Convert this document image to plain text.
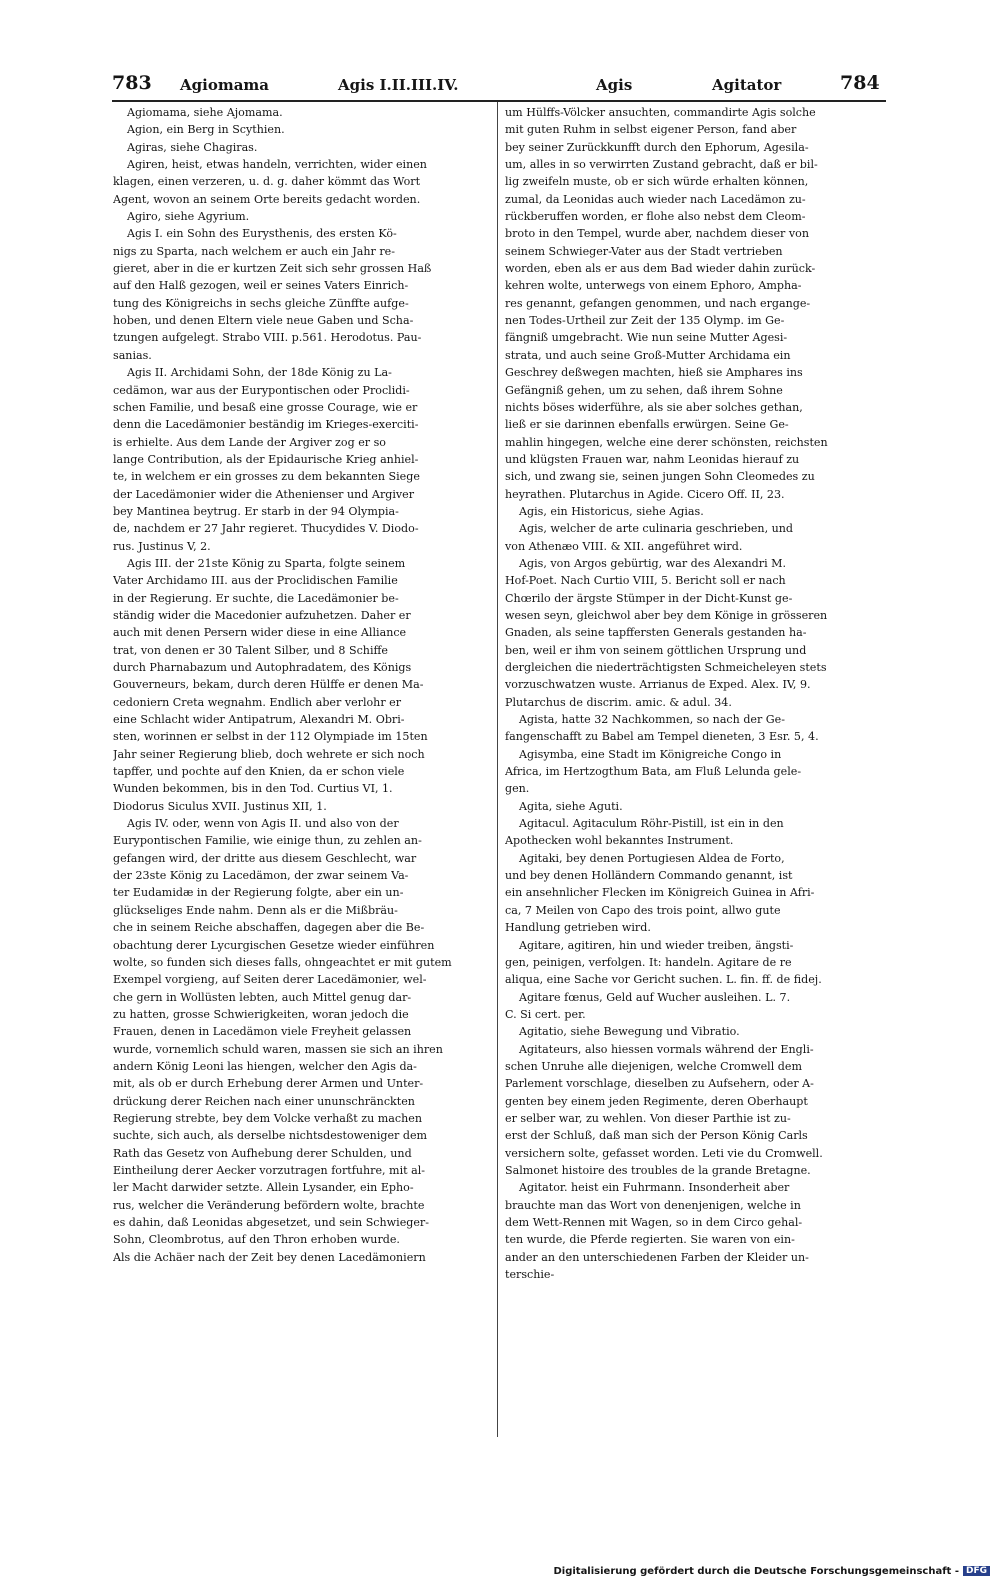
783 Agiomama	Agis I.II.III.IV.	Agis	Agitator	784
Agiomama, siehe Ajomama.
Agion, ein Berg in Scythien.
Agiras, siehe Chagiras.
Agiren, heist, etwas handeln, verrichten, wider einen
klagen, einen verzeren, u. d. g. daher kömmt das Wort
Agent, wovon an seinem Orte bereits gedacht worden.
Agiro, siehe Agyrium.
Agis I. ein Sohn des Eurysthenis, des ersten Kö-
nigs zu Sparta, nach welchem er auch ein Jahr re-
gieret, aber in die er kurtzen Zeit sich sehr grossen Haß
auf den Halß gezogen, weil er seines Vaters Einrich-
tung des Königreichs in sechs gleiche Zünffte aufge-
hoben, und denen Eltern viele neue Gaben und Scha-
tzungen aufgelegt. Strabo VIII. p.561. Herodotus. Pau-
sanias.
Agis II. Archidami Sohn, der 18de König zu La-
cedämon, war aus der Eurypontischen oder Proclidi-
schen Familie, und besaß eine grosse Courage, wie er
denn die Lacedämonier beständig im Krieges-exerciti-
is erhielte. Aus dem Lande der Argiver zog er so
lange Contribution, als der Epidaurische Krieg anhiel-
te, in welchem er ein grosses zu dem bekannten Siege
der Lacedämonier wider die Athenienser und Argiver
bey Mantinea beytrug. Er starb in der 94 Olympia-
de, nachdem er 27 Jahr regieret. Thucydides V. Diodo-
rus. Justinus V, 2.
Agis III. der 21ste König zu Sparta, folgte seinem
Vater Archidamo III. aus der Proclidischen Familie
in der Regierung. Er suchte, die Lacedämonier be-
ständig wider die Macedonier aufzuhetzen. Daher er
auch mit denen Persern wider diese in eine Alliance
trat, von denen er 30 Talent Silber, und 8 Schiffe
durch Pharnabazum und Autophradatem, des Königs
Gouverneurs, bekam, durch deren Hülffe er denen Ma-
cedoniern Creta wegnahm. Endlich aber verlohr er
eine Schlacht wider Antipatrum, Alexandri M. Obri-
sten, worinnen er selbst in der 112 Olympiade im 15ten
Jahr seiner Regierung blieb, doch wehrete er sich noch
tapffer, und pochte auf den Knien, da er schon viele
Wunden bekommen, bis in den Tod. Curtius VI, 1.
Diodorus Siculus XVII. Justinus XII, 1.
Agis IV. oder, wenn von Agis II. und also von der
Eurypontischen Familie, wie einige thun, zu zehlen an-
gefangen wird, der dritte aus diesem Geschlecht, war
der 23ste König zu Lacedämon, der zwar seinem Va-
ter Eudamidæ in der Regierung folgte, aber ein un-
glückseliges Ende nahm. Denn als er die Mißbräu-
che in seinem Reiche abschaffen, dagegen aber die Be-
obachtung derer Lycurgischen Gesetze wieder einführen
wolte, so funden sich dieses falls, ohngeachtet er mit gutem
Exempel vorgieng, auf Seiten derer Lacedämonier, wel-
che gern in Wollüsten lebten, auch Mittel genug dar-
zu hatten, grosse Schwierigkeiten, woran jedoch die
Frauen, denen in Lacedämon viele Freyheit gelassen
wurde, vornemlich schuld waren, massen sie sich an ihren
andern König Leoni las hiengen, welcher den Agis da-
mit, als ob er durch Erhebung derer Armen und Unter-
drückung derer Reichen nach einer ununschränckten
Regierung strebte, bey dem Volcke verhaßt zu machen
suchte, sich auch, als derselbe nichtsdestoweniger dem
Rath das Gesetz von Aufhebung derer Schulden, und
Eintheilung derer Aecker vorzutragen fortfuhre, mit al-
ler Macht darwider setzte. Allein Lysander, ein Epho-
rus, welcher die Veränderung befördern wolte, brachte
es dahin, daß Leonidas abgesetzet, und sein Schwieger-
Sohn, Cleombrotus, auf den Thron erhoben wurde.
Als die Achäer nach der Zeit bey denen Lacedämoniern
um Hülffs-Völcker ansuchten, commandirte Agis solche
mit guten Ruhm in selbst eigener Person, fand aber
bey seiner Zurückkunfft durch den Ephorum, Agesila-
um, alles in so verwirrten Zustand gebracht, daß er bil-
lig zweifeln muste, ob er sich würde erhalten können,
zumal, da Leonidas auch wieder nach Lacedämon zu-
rückberuffen worden, er flohe also nebst dem Cleom-
broto in den Tempel, wurde aber, nachdem dieser von
seinem Schwieger-Vater aus der Stadt vertrieben
worden, eben als er aus dem Bad wieder dahin zurück-
kehren wolte, unterwegs von einem Ephoro, Ampha-
res genannt, gefangen genommen, und nach ergange-
nen Todes-Urtheil zur Zeit der 135 Olymp. im Ge-
fängniß umgebracht. Wie nun seine Mutter Agesi-
strata, und auch seine Groß-Mutter Archidama ein
Geschrey deßwegen machten, hieß sie Amphares ins
Gefängniß gehen, um zu sehen, daß ihrem Sohne
nichts böses widerführe, als sie aber solches gethan,
ließ er sie darinnen ebenfalls erwürgen. Seine Ge-
mahlin hingegen, welche eine derer schönsten, reichsten
und klügsten Frauen war, nahm Leonidas hierauf zu
sich, und zwang sie, seinen jungen Sohn Cleomedes zu
heyrathen. Plutarchus in Agide. Cicero Off. II, 23.
Agis, ein Historicus, siehe Agias.
Agis, welcher de arte culinaria geschrieben, und
von Athenæo VIII. & XII. angeführet wird.
Agis, von Argos gebürtig, war des Alexandri M.
Hof-Poet. Nach Curtio VIII, 5. Bericht soll er nach
Chœrilo der ärgste Stümper in der Dicht-Kunst ge-
wesen seyn, gleichwol aber bey dem Könige in grösseren
Gnaden, als seine tapffersten Generals gestanden ha-
ben, weil er ihm von seinem göttlichen Ursprung und
dergleichen die niederträchtigsten Schmeicheleyen stets
vorzuschwatzen wuste. Arrianus de Exped. Alex. IV, 9.
Plutarchus de discrim. amic. & adul. 34.
Agista, hatte 32 Nachkommen, so nach der Ge-
fangenschafft zu Babel am Tempel dieneten, 3 Esr. 5, 4.
Agisymba, eine Stadt im Königreiche Congo in
Africa, im Hertzogthum Bata, am Fluß Lelunda gele-
gen.
Agita, siehe Aguti.
Agitacul. Agitaculum Röhr-Pistill, ist ein in den
Apothecken wohl bekanntes Instrument.
Agitaki, bey denen Portugiesen Aldea de Forto,
und bey denen Holländern Commando genannt, ist
ein ansehnlicher Flecken im Königreich Guinea in Afri-
ca, 7 Meilen von Capo des trois point, allwo gute
Handlung getrieben wird.
Agitare, agitiren, hin und wieder treiben, ängsti-
gen, peinigen, verfolgen. It: handeln. Agitare de re
aliqua, eine Sache vor Gericht suchen. L. fin. ff. de fidej.
Agitare fœnus, Geld auf Wucher ausleihen. L. 7.
C. Si cert. per.
Agitatio, siehe Bewegung und Vibratio.
Agitateurs, also hiessen vormals während der Engli-
schen Unruhe alle diejenigen, welche Cromwell dem
Parlement vorschlage, dieselben zu Aufsehern, oder A-
genten bey einem jeden Regimente, deren Oberhaupt
er selber war, zu wehlen. Von dieser Parthie ist zu-
erst der Schluß, daß man sich der Person König Carls
versichern solte, gefasset worden. Leti vie du Cromwell.
Salmonet histoire des troubles de la grande Bretagne.
Agitator. heist ein Fuhrmann. Insonderheit aber
brauchte man das Wort von denenjenigen, welche in
dem Wett-Rennen mit Wagen, so in dem Circo gehal-
ten wurde, die Pferde regierten. Sie waren von ein-
ander an den unterschiedenen Farben der Kleider un-
terschie-
Digitalisierung gefördert durch die Deutsche Forschungsgemeinschaft - DFG
